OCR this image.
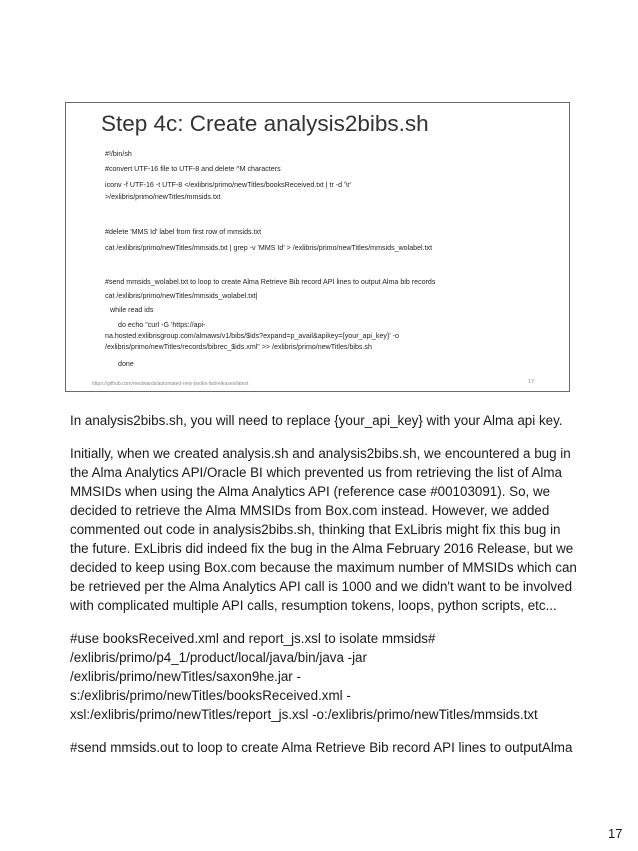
Step 4c: Create analysis2bibs.sh
#!/bin/sh
#convert UTF-16 file to UTF-8 and delete ^M characters
iconv -f UTF-16 -t UTF-8 </exlibris/primo/newTitles/booksReceived.txt | tr -d '\r'
>/exlibris/primo/newTitles/mmsids.txt
#delete 'MMS Id' label from first row of mmsids.txt
cat /exlibris/primo/newTitles/mmsids.txt | grep -v 'MMS Id' > /exlibris/primo/newTitles/mmsids_wolabel.txt
#send mmsids_wolabel.txt to loop to create Alma Retrieve Bib record API lines to output Alma bib records
cat /exlibris/primo/newTitles/mmsids_wolabel.txt|
while read ids
do echo "curl -G 'https://api-
na.hosted.exlibrisgroup.com/almaws/v1/bibs/$ids?expand=p_avail&apikey={your_api_key}' -o
/exlibris/primo/newTitles/records/bibrec_$ids.xml" >> /exlibris/primo/newTitles/bibs.sh
done
https://github.com/reedwards/automated-new-books-list/releases/latest	17
In analysis2bibs.sh, you will need to replace {your_api_key} with your Alma api key.
Initially, when we created analysis.sh and analysis2bibs.sh, we encountered a bug in
the Alma Analytics API/Oracle BI which prevented us from retrieving the list of Alma
MMSIDs when using the Alma Analytics API (reference case #00103091). So, we
decided to retrieve the Alma MMSIDs from Box.com instead. However, we added
commented out code in analysis2bibs.sh, thinking that ExLibris might fix this bug in
the future. ExLibris did indeed fix the bug in the Alma February 2016 Release, but we
decided to keep using Box.com because the maximum number of MMSIDs which can
be retrieved per the Alma Analytics API call is 1000 and we didn't want to be involved
with complicated multiple API calls, resumption tokens, loops, python scripts, etc...
#use booksReceived.xml and report_js.xsl to isolate mmsids#
/exlibris/primo/p4_1/product/local/java/bin/java -jar
/exlibris/primo/newTitles/saxon9he.jar -
s:/exlibris/primo/newTitles/booksReceived.xml -
xsl:/exlibris/primo/newTitles/report_js.xsl -o:/exlibris/primo/newTitles/mmsids.txt
#send mmsids.out to loop to create Alma Retrieve Bib record API lines to outputAlma
17
